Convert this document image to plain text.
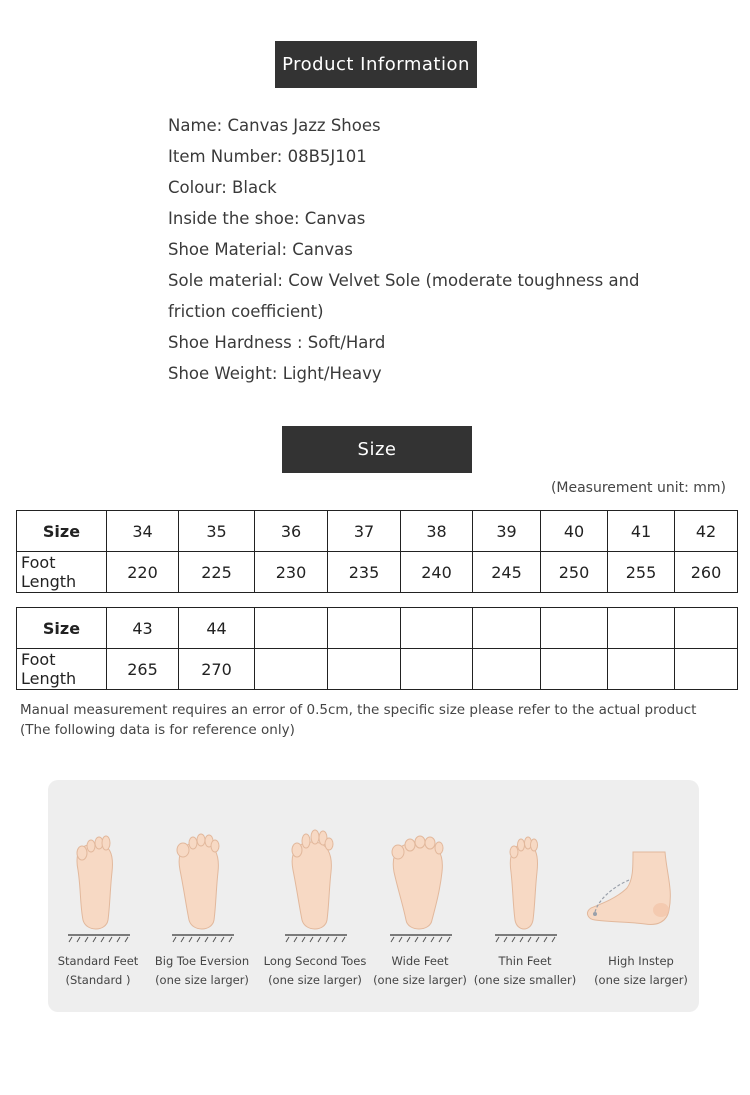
Product Information
Name: Canvas Jazz Shoes
Item Number: 08B5J101
Colour: Black
Inside the shoe: Canvas
Shoe Material: Canvas
Sole material: Cow Velvet Sole (moderate toughness and friction coefficient)
Shoe Hardness : Soft/Hard
Shoe Weight: Light/Heavy
Size
(Measurement unit: mm)
Size	34	35	36	37	38	39	40	41	42
Foot Length	220	225	230	235	240	245	250	255	260
Size	43	44							
Foot Length	265	270							
Manual measurement requires an error of 0.5cm, the specific size please refer to the actual product (The following data is for reference only)
Standard Feet
(Standard )
Big Toe Eversion
(one size larger)
Long Second Toes
(one size larger)
Wide Feet
(one size larger)
Thin Feet
(one size smaller)
High Instep
(one size larger)
